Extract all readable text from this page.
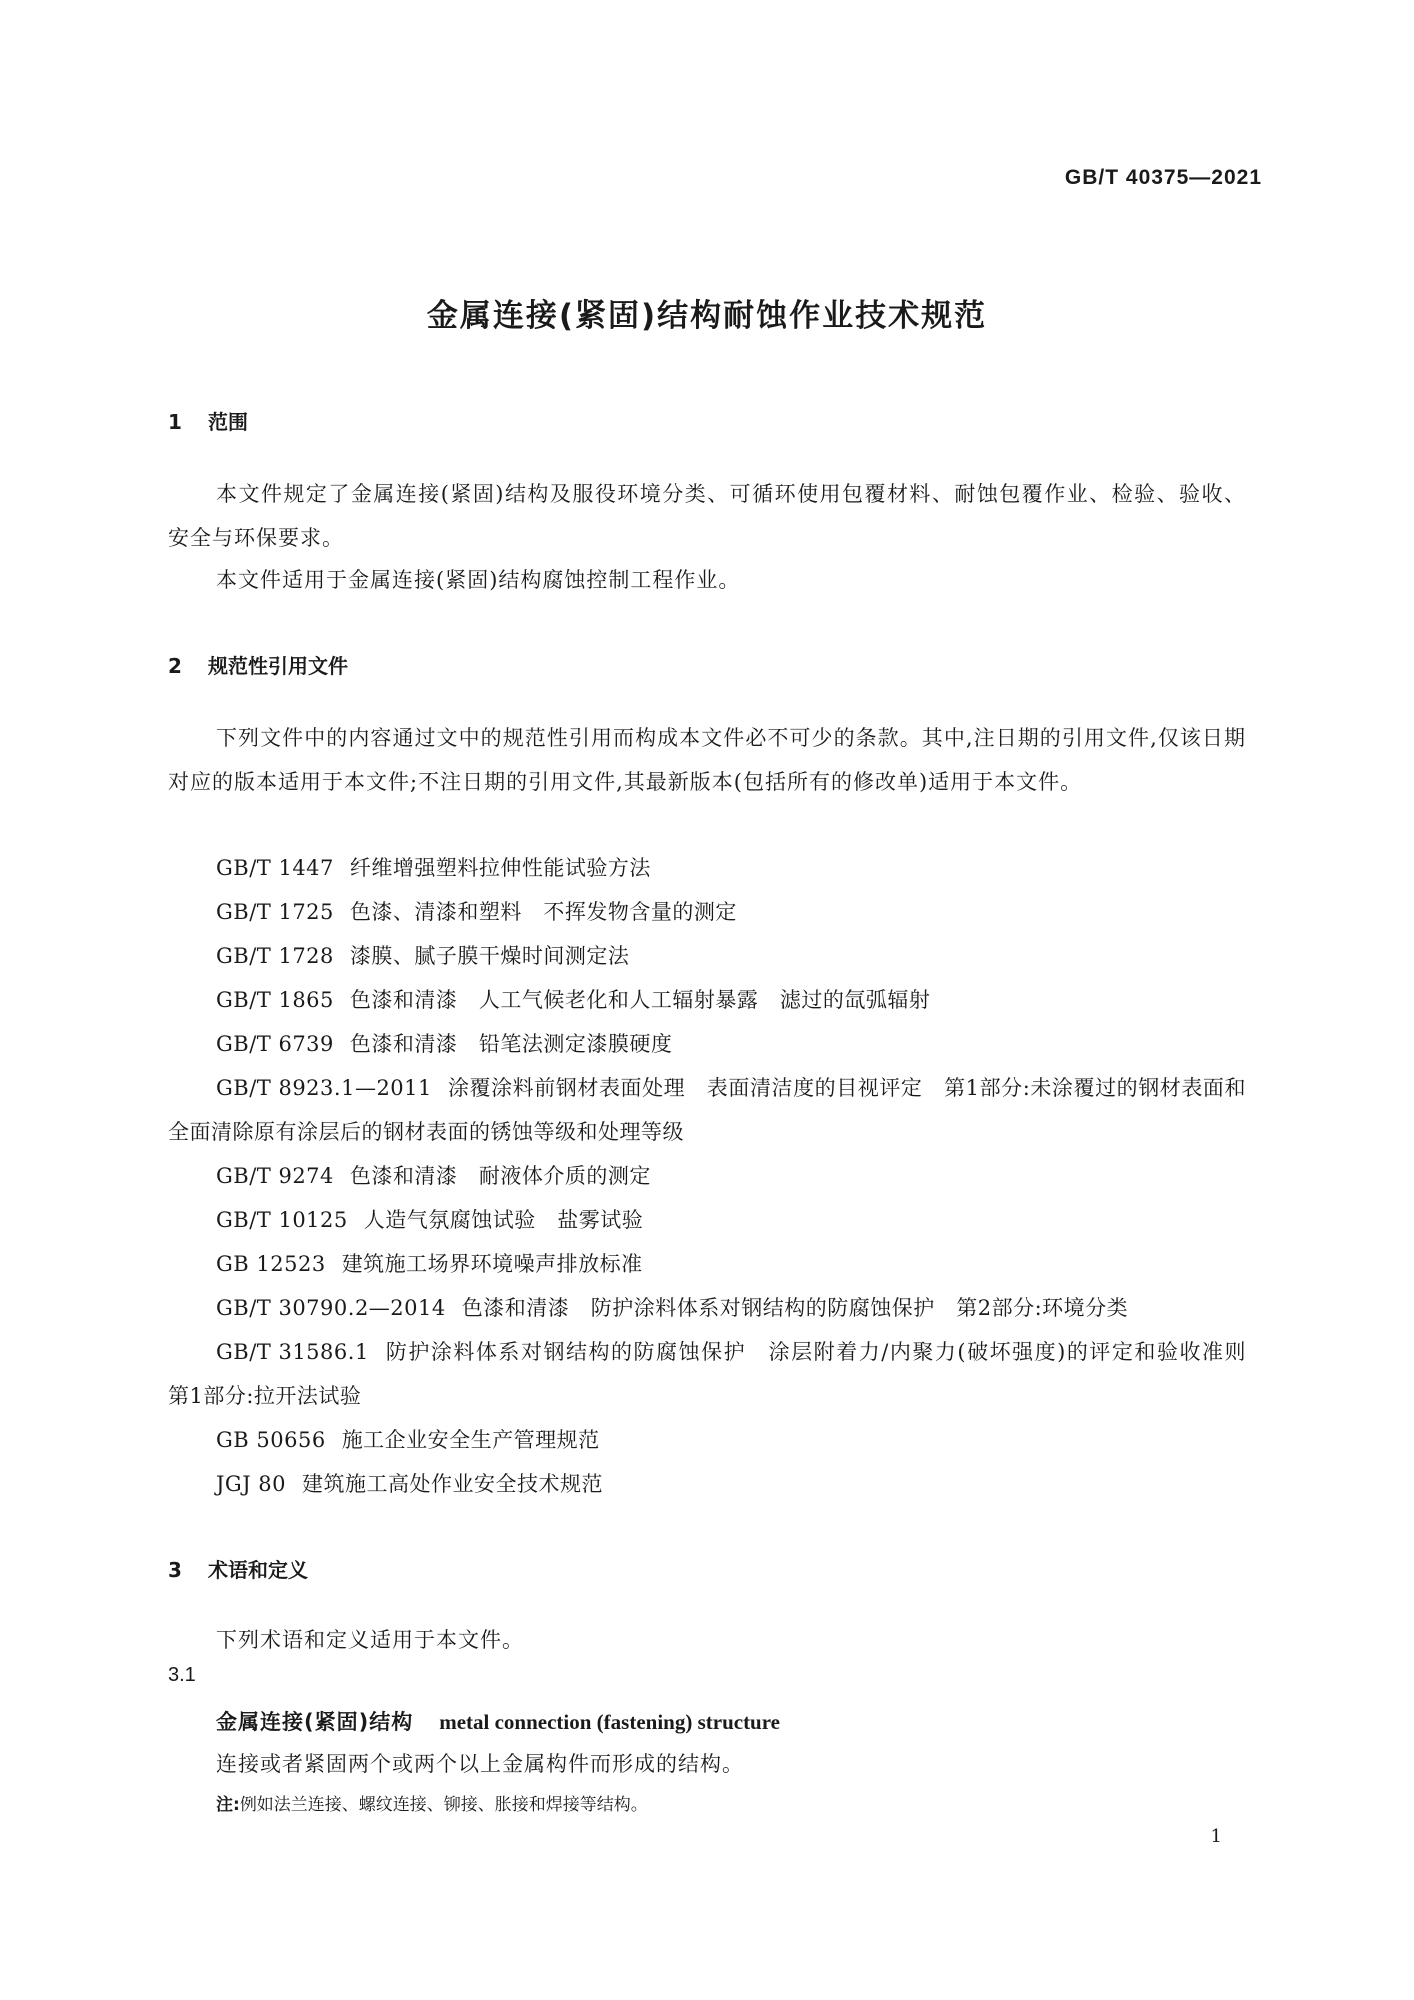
GB/T 40375—2021
金属连接(紧固)结构耐蚀作业技术规范
1 范围
本文件规定了金属连接(紧固)结构及服役环境分类、可循环使用包覆材料、耐蚀包覆作业、检验、验收、安全与环保要求。
本文件适用于金属连接(紧固)结构腐蚀控制工程作业。
2 规范性引用文件
下列文件中的内容通过文中的规范性引用而构成本文件必不可少的条款。其中,注日期的引用文件,仅该日期对应的版本适用于本文件;不注日期的引用文件,其最新版本(包括所有的修改单)适用于本文件。
GB/T 1447 纤维增强塑料拉伸性能试验方法
GB/T 1725 色漆、清漆和塑料　不挥发物含量的测定
GB/T 1728 漆膜、腻子膜干燥时间测定法
GB/T 1865 色漆和清漆　人工气候老化和人工辐射暴露　滤过的氙弧辐射
GB/T 6739 色漆和清漆　铅笔法测定漆膜硬度
GB/T 8923.1—2011 涂覆涂料前钢材表面处理　表面清洁度的目视评定　第1部分:未涂覆过的钢材表面和全面清除原有涂层后的钢材表面的锈蚀等级和处理等级
GB/T 9274 色漆和清漆　耐液体介质的测定
GB/T 10125 人造气氛腐蚀试验　盐雾试验
GB 12523 建筑施工场界环境噪声排放标准
GB/T 30790.2—2014 色漆和清漆　防护涂料体系对钢结构的防腐蚀保护　第2部分:环境分类
GB/T 31586.1 防护涂料体系对钢结构的防腐蚀保护　涂层附着力/内聚力(破坏强度)的评定和验收准则　第1部分:拉开法试验
GB 50656 施工企业安全生产管理规范
JGJ 80 建筑施工高处作业安全技术规范
3 术语和定义
下列术语和定义适用于本文件。
3.1
金属连接(紧固)结构 metal connection (fastening) structure
连接或者紧固两个或两个以上金属构件而形成的结构。
注:例如法兰连接、螺纹连接、铆接、胀接和焊接等结构。
1
